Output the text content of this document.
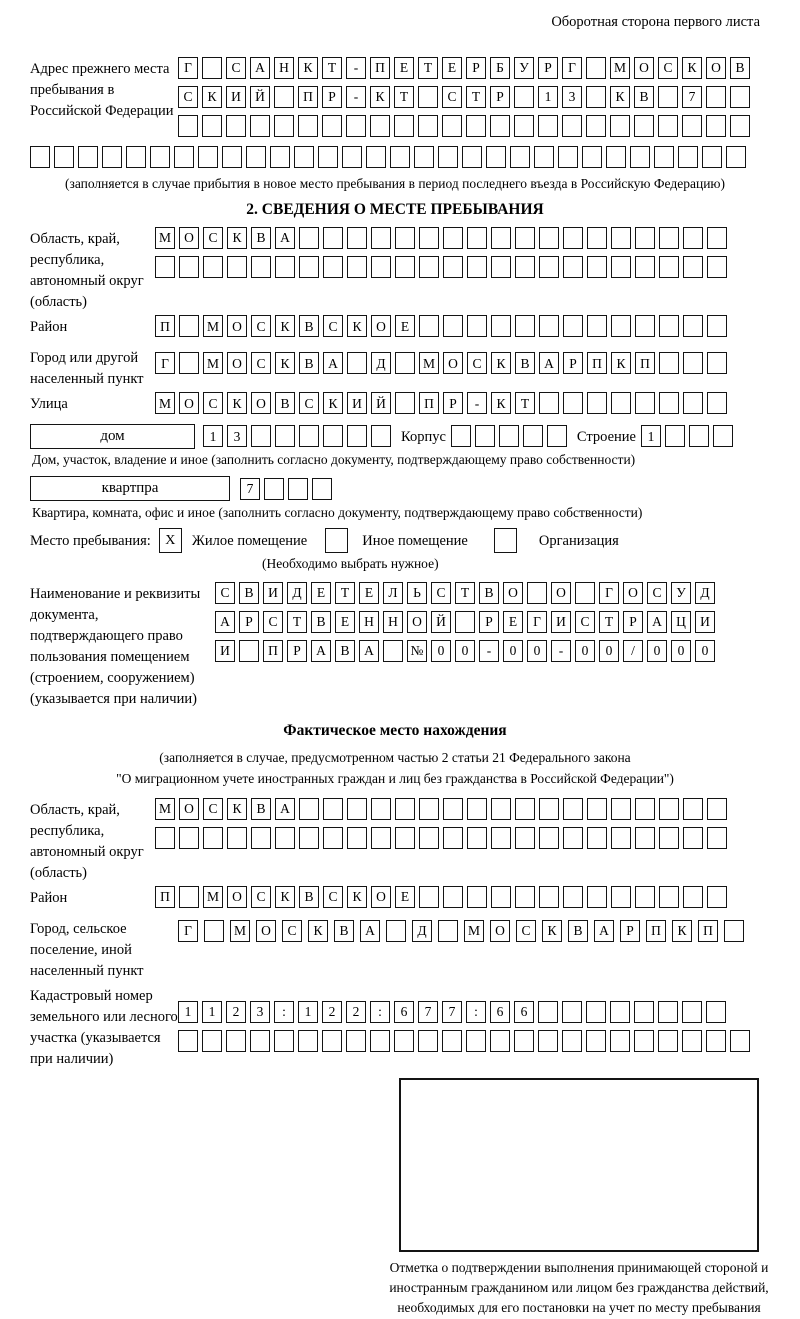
Оборотная сторона первого листа
Адрес прежнего места пребывания в Российской Федерации
Г	С	А	Н	К	Т	-	П	Е	Т	Е	Р	Б	У	Р	Г	М О	С	К	О	В
С	К	И	Й	П	Р	-	К	Т	С	Т	Р	1	3	К	В	7
(заполняется в случае прибытия в новое место пребывания в период последнего въезда в Российскую Федерацию)
2. СВЕДЕНИЯ О МЕСТЕ ПРЕБЫВАНИЯ
Область, край, республика, автономный округ (область)
М О	С	К	В	А
Район	П	М О	С	К	В	С	К	О	Е
Город или другой населенный пункт
Г	М О	С	К	В	А	Д	М О	С	К	В	А	Р	П	К	П
Улица	М О	С	К	О	В	С	К	И	Й	П	Р	-	К	Т
дом	1	3	Корпус	Строение 1
Дом, участок, владение и иное (заполнить согласно документу, подтверждающему право собственности)
квартпра	7
Квартира, комната, офис и иное (заполнить согласно документу, подтверждающему право собственности)
Место пребывания:	X	Жилое помещение	Иное помещение	Организация
(Необходимо выбрать нужное)
Наименование и реквизиты документа, подтверждающего право пользования помещением (строением, сооружением) (указывается при наличии)
С	В	И	Д	Е	Т	Е	Л	Ь	С	Т	В	О	О	Г	О	С	У	Д
А	Р	С	Т	В	Е	Н	Н	О	Й	Р	Е	Г	И	С	Т	Р	А	Ц	И
И	П	Р	А	В	А	№	0	0	-	0	0	-	0	0	/	0	0	0
Фактическое место нахождения
(заполняется в случае, предусмотренном частью 2 статьи 21 Федерального закона
"О миграционном учете иностранных граждан и лиц без гражданства в Российской Федерации")
Область, край, республика, автономный округ (область)
М О	С	К	В	А
Район	П	М О	С	К	В	С	К	О	Е
Город, сельское поселение, иной населенный пункт
Г	М	О	С	К	В	А	Д	М	О	С	К	В	А	Р	П	К	П
Кадастровый номер земельного или лесного участка (указывается при наличии)
1	1	2	3	:	1	2	2	:	6	7	7	:	6	6
Отметка о подтверждении выполнения принимающей стороной и иностранным гражданином или лицом без гражданства действий, необходимых для его постановки на учет по месту пребывания
